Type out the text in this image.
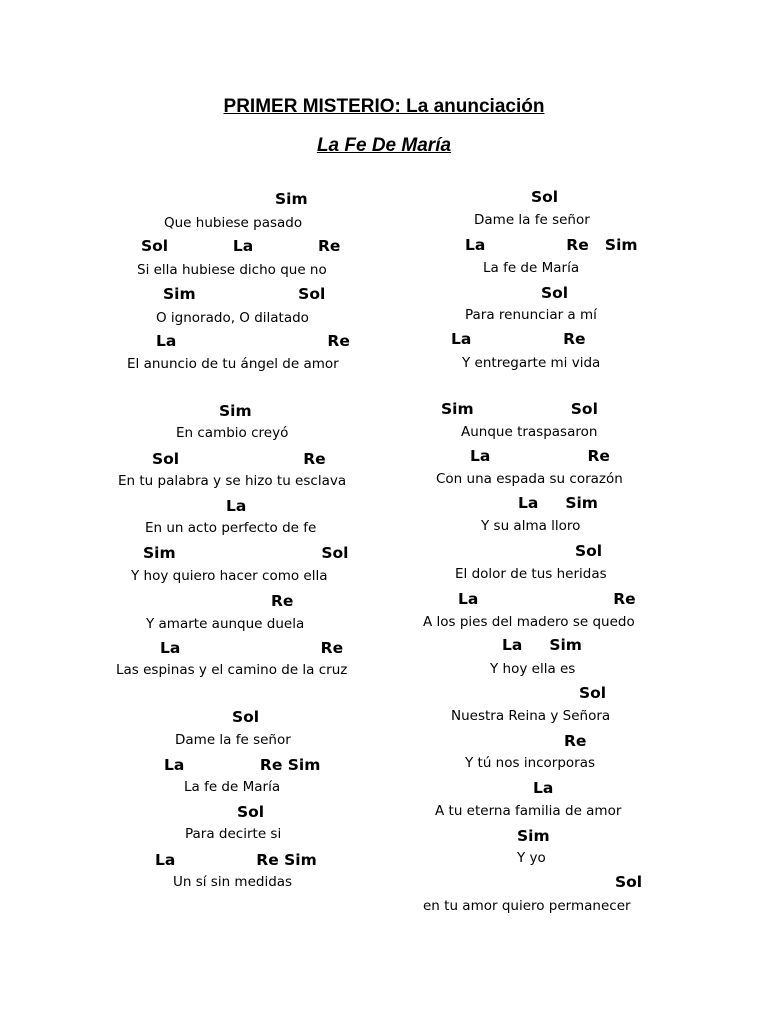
PRIMER MISTERIO: La anunciación
La Fe De María
Sim
Que hubiese pasado
Sol            La            Re
Si ella hubiese dicho que no
Sim                   Sol
O ignorado, O dilatado
La                            Re
El anuncio de tu ángel de amor
Sim
En cambio creyó
Sol                       Re
En tu palabra y se hizo tu esclava
La
En un acto perfecto de fe
Sim                           Sol
Y hoy quiero hacer como ella
Re
Y amarte aunque duela
La                          Re
Las espinas y el camino de la cruz
Sol
Dame la fe señor
La              Re Sim
La fe de María
Sol
Para decirte si
La               Re Sim
Un sí sin medidas
Sol
Dame la fe señor
La               Re   Sim
La fe de María
Sol
Para renunciar a mí
La                 Re
Y entregarte mi vida
Sim                  Sol
Aunque traspasaron
La                  Re
Con una espada su corazón
La     Sim
Y su alma lloro
Sol
El dolor de tus heridas
La                         Re
A los pies del madero se quedo
La     Sim
Y hoy ella es
Sol
Nuestra Reina y Señora
Re
Y tú nos incorporas
La
A tu eterna familia de amor
Sim
Y yo
Sol
en tu amor quiero permanecer
